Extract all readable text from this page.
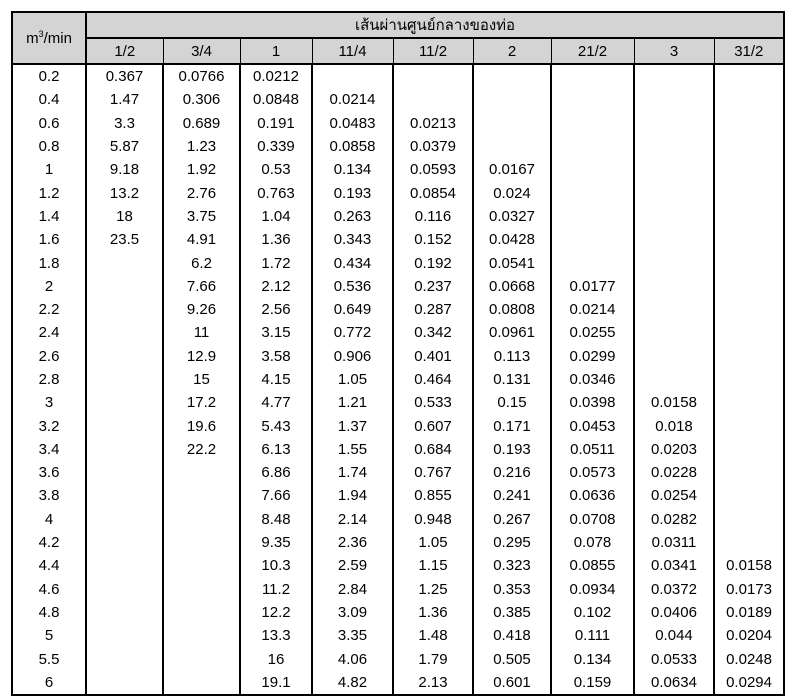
$m^3/\min$	เส้นผ่านศูนย์กลางของท่อ								
	1/2	3/4	1	11/4	11/2	2	21/2	3	31/2
0.2	0.367	0.0766	0.0212						
0.4	1.47	0.306	0.0848	0.0214					
0.6	3.3	0.689	0.191	0.0483	0.0213				
0.8	5.87	1.23	0.339	0.0858	0.0379				
1	9.18	1.92	0.53	0.134	0.0593	0.0167			
1.2	13.2	2.76	0.763	0.193	0.0854	0.024			
1.4	18	3.75	1.04	0.263	0.116	0.0327			
1.6	23.5	4.91	1.36	0.343	0.152	0.0428			
1.8		6.2	1.72	0.434	0.192	0.0541			
2		7.66	2.12	0.536	0.237	0.0668	0.0177		
2.2		9.26	2.56	0.649	0.287	0.0808	0.0214		
2.4		11	3.15	0.772	0.342	0.0961	0.0255		
2.6		12.9	3.58	0.906	0.401	0.113	0.0299		
2.8		15	4.15	1.05	0.464	0.131	0.0346		
3		17.2	4.77	1.21	0.533	0.15	0.0398	0.0158	
3.2		19.6	5.43	1.37	0.607	0.171	0.0453	0.018	
3.4		22.2	6.13	1.55	0.684	0.193	0.0511	0.0203	
3.6			6.86	1.74	0.767	0.216	0.0573	0.0228	
3.8			7.66	1.94	0.855	0.241	0.0636	0.0254	
4			8.48	2.14	0.948	0.267	0.0708	0.0282	
4.2			9.35	2.36	1.05	0.295	0.078	0.0311	
4.4			10.3	2.59	1.15	0.323	0.0855	0.0341	0.0158
4.6			11.2	2.84	1.25	0.353	0.0934	0.0372	0.0173
4.8			12.2	3.09	1.36	0.385	0.102	0.0406	0.0189
5			13.3	3.35	1.48	0.418	0.111	0.044	0.0204
5.5			16	4.06	1.79	0.505	0.134	0.0533	0.0248
6			19.1	4.82	2.13	0.601	0.159	0.0634	0.0294
